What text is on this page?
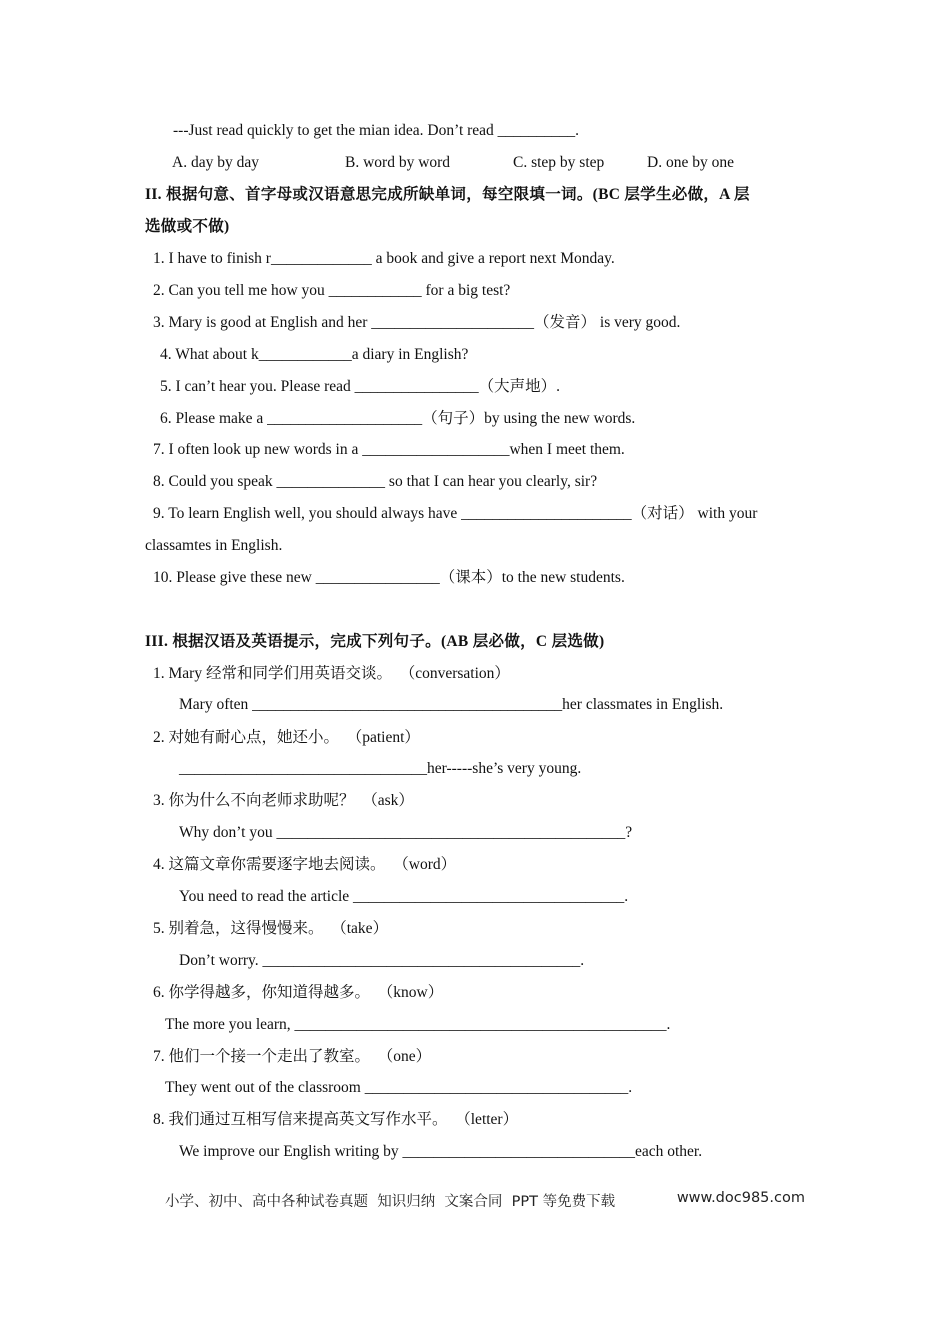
---Just read quickly to get the mian idea. Don’t read __________.
A. day by day	B. word by word	C. step by step	D. one by one
II. 根据句意、首字母或汉语意思完成所缺单词，每空限填一词。(BC 层学生必做，A 层
选做或不做)
1. I have to finish r_____________ a book and give a report next Monday.
2. Can you tell me how you ____________ for a big test?
3. Mary is good at English and her _____________________（发音） is very good.
4. What about k____________a diary in English?
5. I can’t hear you. Please read ________________（大声地）.
6. Please make a ____________________（句子）by using the new words.
7. I often look up new words in a ___________________when I meet them.
8. Could you speak ______________ so that I can hear you clearly, sir?
9. To learn English well, you should always have ______________________（对话） with your
classamtes in English.
10. Please give these new ________________（课本）to the new students.
III. 根据汉语及英语提示，完成下列句子。(AB 层必做，C 层选做)
1. Mary 经常和同学们用英语交谈。  （conversation）
Mary often ________________________________________her classmates in English.
2. 对她有耐心点，她还小。  （patient）
________________________________her-----she’s very young.
3. 你为什么不向老师求助呢？  （ask）
Why don’t you _____________________________________________?
4. 这篇文章你需要逐字地去阅读。  （word）
You need to read the article ___________________________________.
5. 别着急，这得慢慢来。  （take）
Don’t worry. _________________________________________.
6. 你学得越多，你知道得越多。  （know）
The more you learn, ________________________________________________.
7. 他们一个接一个走出了教室。  （one）
They went out of the classroom __________________________________.
8. 我们通过互相写信来提高英文写作水平。  （letter）
We improve our English writing by ______________________________each other.
小学、初中、高中各种试卷真题  知识归纳  文案合同  PPT 等免费下载	www.doc985.com
